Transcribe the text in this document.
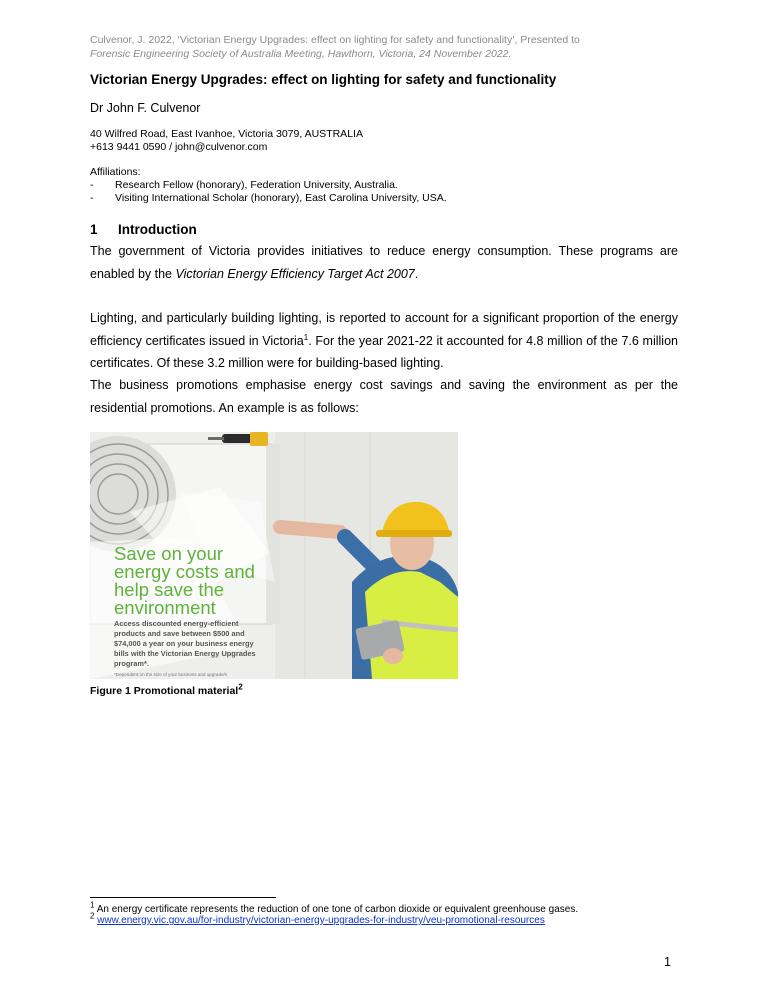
Culvenor, J. 2022, ‘Victorian Energy Upgrades: effect on lighting for safety and functionality’, Presented to
Forensic Engineering Society of Australia Meeting, Hawthorn, Victoria, 24 November 2022.
Victorian Energy Upgrades: effect on lighting for safety and functionality
Dr John F. Culvenor
40 Wilfred Road, East Ivanhoe, Victoria 3079, AUSTRALIA
+613 9441 0590 / john@culvenor.com
Affiliations:
-	Research Fellow (honorary), Federation University, Australia.
-	Visiting International Scholar (honorary), East Carolina University, USA.
1	Introduction
The government of Victoria provides initiatives to reduce energy consumption. These programs are enabled by the Victorian Energy Efficiency Target Act 2007.
Lighting, and particularly building lighting, is reported to account for a significant proportion of the energy efficiency certificates issued in Victoria$^1$. For the year 2021-22 it accounted for 4.8 million of the 7.6 million certificates. Of these 3.2 million were for building-based lighting.
The business promotions emphasise energy cost savings and saving the environment as per the residential promotions. An example is as follows:
Save on your
energy costs and
help save the
environment
Access discounted energy-efficient
products and save between $500 and
$74,000 a year on your business energy
bills with the Victorian Energy Upgrades
program*.
*Dependent on the size of your business and upgrade/s
Figure 1 Promotional material$^2$
$^1$ An energy certificate represents the reduction of one tone of carbon dioxide or equivalent greenhouse gases.
$^2$ www.energy.vic.gov.au/for-industry/victorian-energy-upgrades-for-industry/veu-promotional-resources
1
